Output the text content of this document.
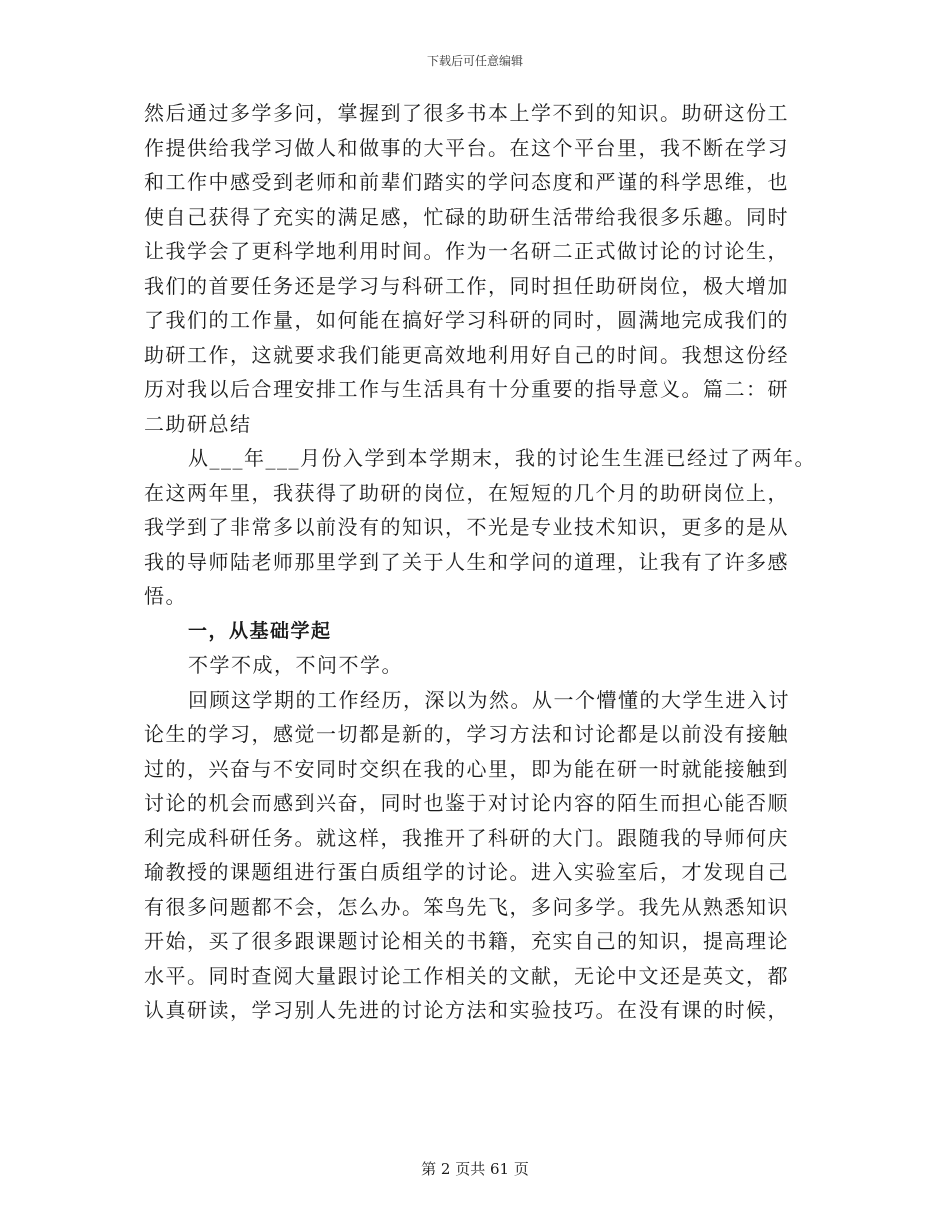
下载后可任意编辑
然后通过多学多问，掌握到了很多书本上学不到的知识。助研这份工
作提供给我学习做人和做事的大平台。在这个平台里，我不断在学习
和工作中感受到老师和前辈们踏实的学问态度和严谨的科学思维，也
使自己获得了充实的满足感，忙碌的助研生活带给我很多乐趣。同时
让我学会了更科学地利用时间。作为一名研二正式做讨论的讨论生，
我们的首要任务还是学习与科研工作，同时担任助研岗位，极大增加
了我们的工作量，如何能在搞好学习科研的同时，圆满地完成我们的
助研工作，这就要求我们能更高效地利用好自己的时间。我想这份经
历对我以后合理安排工作与生活具有十分重要的指导意义。篇二：研
二助研总结
从___年___月份入学到本学期末，我的讨论生生涯已经过了两年。
在这两年里，我获得了助研的岗位，在短短的几个月的助研岗位上，
我学到了非常多以前没有的知识，不光是专业技术知识，更多的是从
我的导师陆老师那里学到了关于人生和学问的道理，让我有了许多感
悟。
一，从基础学起
不学不成，不问不学。
回顾这学期的工作经历，深以为然。从一个懵懂的大学生进入讨
论生的学习，感觉一切都是新的，学习方法和讨论都是以前没有接触
过的，兴奋与不安同时交织在我的心里，即为能在研一时就能接触到
讨论的机会而感到兴奋，同时也鉴于对讨论内容的陌生而担心能否顺
利完成科研任务。就这样，我推开了科研的大门。跟随我的导师何庆
瑜教授的课题组进行蛋白质组学的讨论。进入实验室后，才发现自己
有很多问题都不会，怎么办。笨鸟先飞，多问多学。我先从熟悉知识
开始，买了很多跟课题讨论相关的书籍，充实自己的知识，提高理论
水平。同时查阅大量跟讨论工作相关的文献，无论中文还是英文，都
认真研读，学习别人先进的讨论方法和实验技巧。在没有课的时候，
第 2 页共 61 页
